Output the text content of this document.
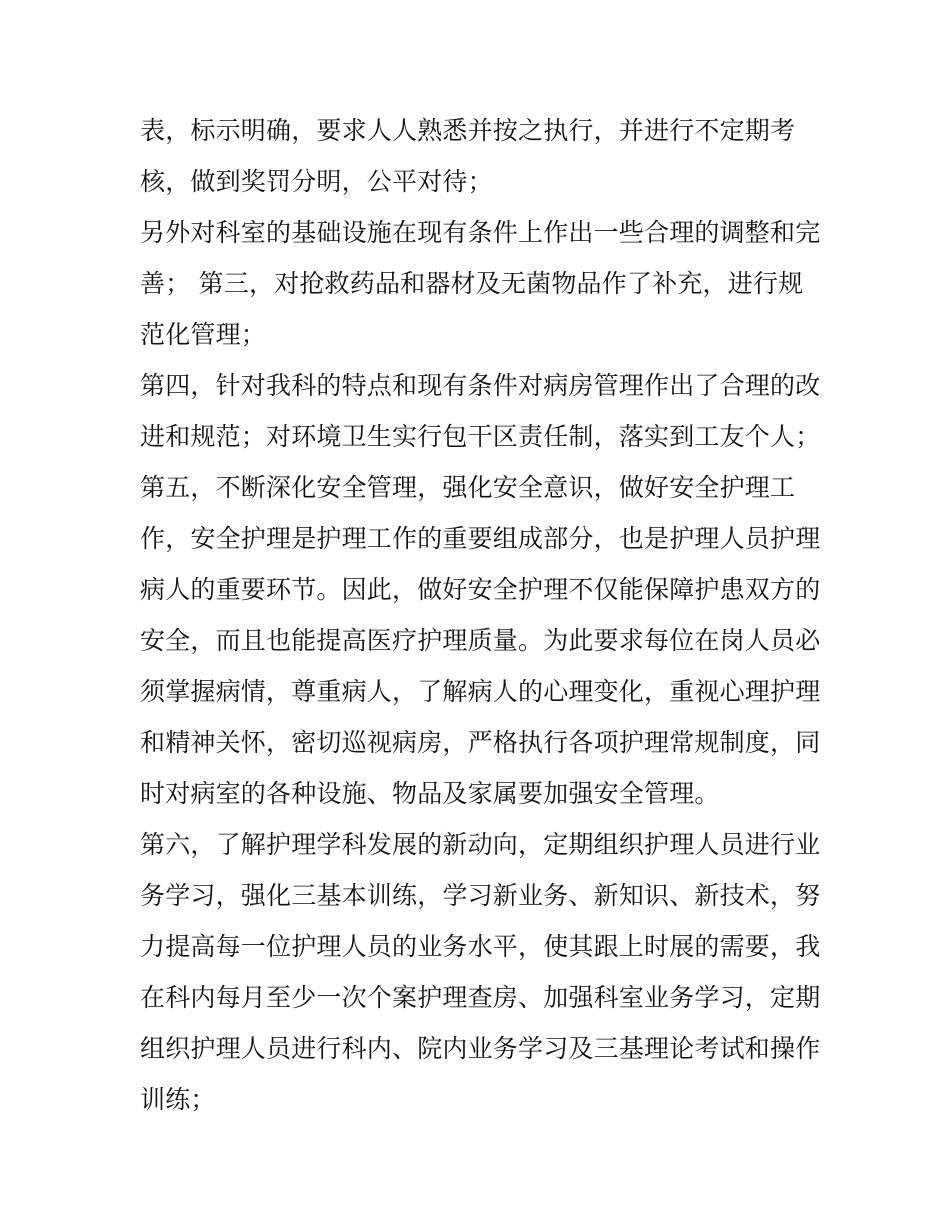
表，标示明确，要求人人熟悉并按之执行，并进行不定期考
核，做到奖罚分明，公平对待；
另外对科室的基础设施在现有条件上作出一些合理的调整和完
善； 第三，对抢救药品和器材及无菌物品作了补充，进行规
范化管理；
第四，针对我科的特点和现有条件对病房管理作出了合理的改
进和规范；对环境卫生实行包干区责任制，落实到工友个人；
第五，不断深化安全管理，强化安全意识，做好安全护理工
作，安全护理是护理工作的重要组成部分，也是护理人员护理
病人的重要环节。因此，做好安全护理不仅能保障护患双方的
安全，而且也能提高医疗护理质量。为此要求每位在岗人员必
须掌握病情，尊重病人，了解病人的心理变化，重视心理护理
和精神关怀，密切巡视病房，严格执行各项护理常规制度，同
时对病室的各种设施、物品及家属要加强安全管理。
第六，了解护理学科发展的新动向，定期组织护理人员进行业
务学习，强化三基本训练，学习新业务、新知识、新技术，努
力提高每一位护理人员的业务水平，使其跟上时展的需要，我
在科内每月至少一次个案护理查房、加强科室业务学习，定期
组织护理人员进行科内、院内业务学习及三基理论考试和操作
训练；
